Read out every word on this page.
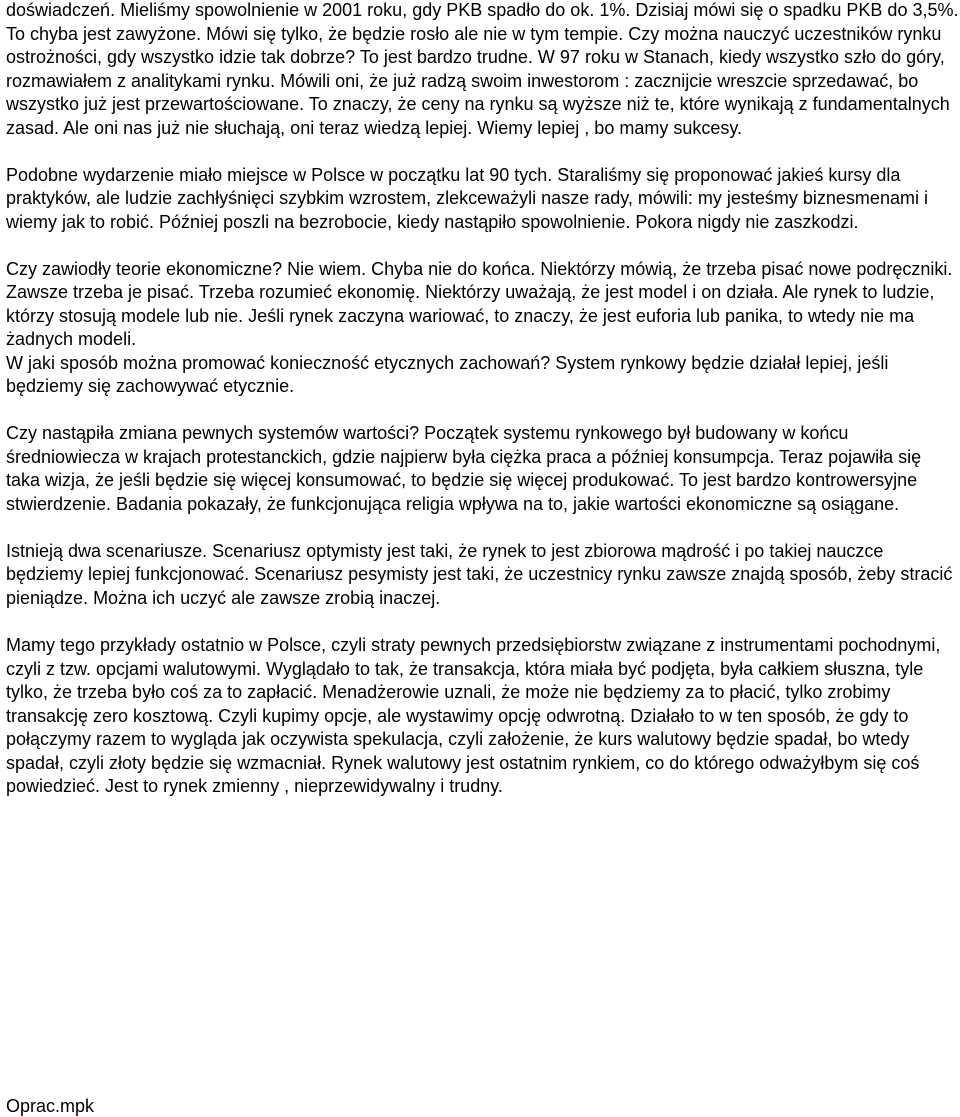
doświadczeń. Mieliśmy spowolnienie w 2001 roku, gdy PKB spadło do ok. 1%. Dzisiaj mówi się o spadku PKB do 3,5%. To chyba jest zawyżone. Mówi się tylko, że będzie rosło ale nie w tym tempie. Czy można nauczyć uczestników rynku ostrożności, gdy wszystko idzie tak dobrze? To jest bardzo trudne. W 97 roku w Stanach, kiedy wszystko szło do góry, rozmawiałem z analitykami rynku. Mówili oni, że już radzą swoim inwestorom : zacznijcie wreszcie sprzedawać, bo wszystko już jest przewartościowane. To znaczy, że ceny na rynku są wyższe niż te, które wynikają z fundamentalnych zasad. Ale oni nas już nie słuchają, oni teraz wiedzą lepiej. Wiemy lepiej , bo mamy sukcesy.

Podobne wydarzenie miało miejsce w Polsce w początku lat 90 tych. Staraliśmy się proponować jakieś kursy dla praktyków, ale ludzie zachłyśnięci szybkim wzrostem, zlekceważyli nasze rady, mówili: my jesteśmy biznesmenami i wiemy jak to robić. Później poszli na bezrobocie, kiedy nastąpiło spowolnienie. Pokora nigdy nie zaszkodzi.

Czy zawiodły teorie ekonomiczne? Nie wiem. Chyba nie do końca. Niektórzy mówią, że trzeba pisać nowe podręczniki. Zawsze trzeba je pisać. Trzeba rozumieć ekonomię. Niektórzy uważają, że jest model i on działa. Ale rynek to ludzie, którzy stosują modele lub nie. Jeśli rynek zaczyna wariować, to znaczy, że jest euforia lub panika, to wtedy nie ma żadnych modeli.

W jaki sposób można promować konieczność etycznych zachowań? System rynkowy będzie działał lepiej, jeśli będziemy się zachowywać etycznie.

Czy nastąpiła zmiana pewnych systemów wartości? Początek systemu rynkowego był budowany w końcu średniowiecza w krajach protestanckich, gdzie najpierw była ciężka praca a później konsumpcja. Teraz pojawiła się taka wizja, że jeśli będzie się więcej konsumować, to będzie się więcej produkować. To jest bardzo kontrowersyjne stwierdzenie. Badania pokazały, że funkcjonująca religia wpływa na to, jakie wartości ekonomiczne są osiągane.

Istnieją dwa scenariusze. Scenariusz optymisty jest taki, że rynek to jest zbiorowa mądrość i po takiej nauczce będziemy lepiej funkcjonować. Scenariusz pesymisty jest taki, że uczestnicy rynku zawsze znajdą sposób, żeby stracić pieniądze. Można ich uczyć ale zawsze zrobią inaczej.

Mamy tego przykłady ostatnio w Polsce, czyli straty pewnych przedsiębiorstw związane z instrumentami pochodnymi, czyli z tzw. opcjami walutowymi. Wyglądało to tak, że transakcja, która miała być podjęta, była całkiem słuszna, tyle tylko, że trzeba było coś za to zapłacić. Menadżerowie uznali, że może nie będziemy za to płacić, tylko zrobimy transakcję zero kosztową. Czyli kupimy opcje, ale wystawimy opcję odwrotną. Działało to w ten sposób, że gdy to połączymy razem to wygląda jak oczywista spekulacja, czyli założenie, że kurs walutowy będzie spadał, bo wtedy spadał, czyli złoty będzie się wzmacniał. Rynek walutowy jest ostatnim rynkiem, co do którego odważyłbym się coś powiedzieć. Jest to rynek zmienny , nieprzewidywalny i trudny.

Oprac.mpk
